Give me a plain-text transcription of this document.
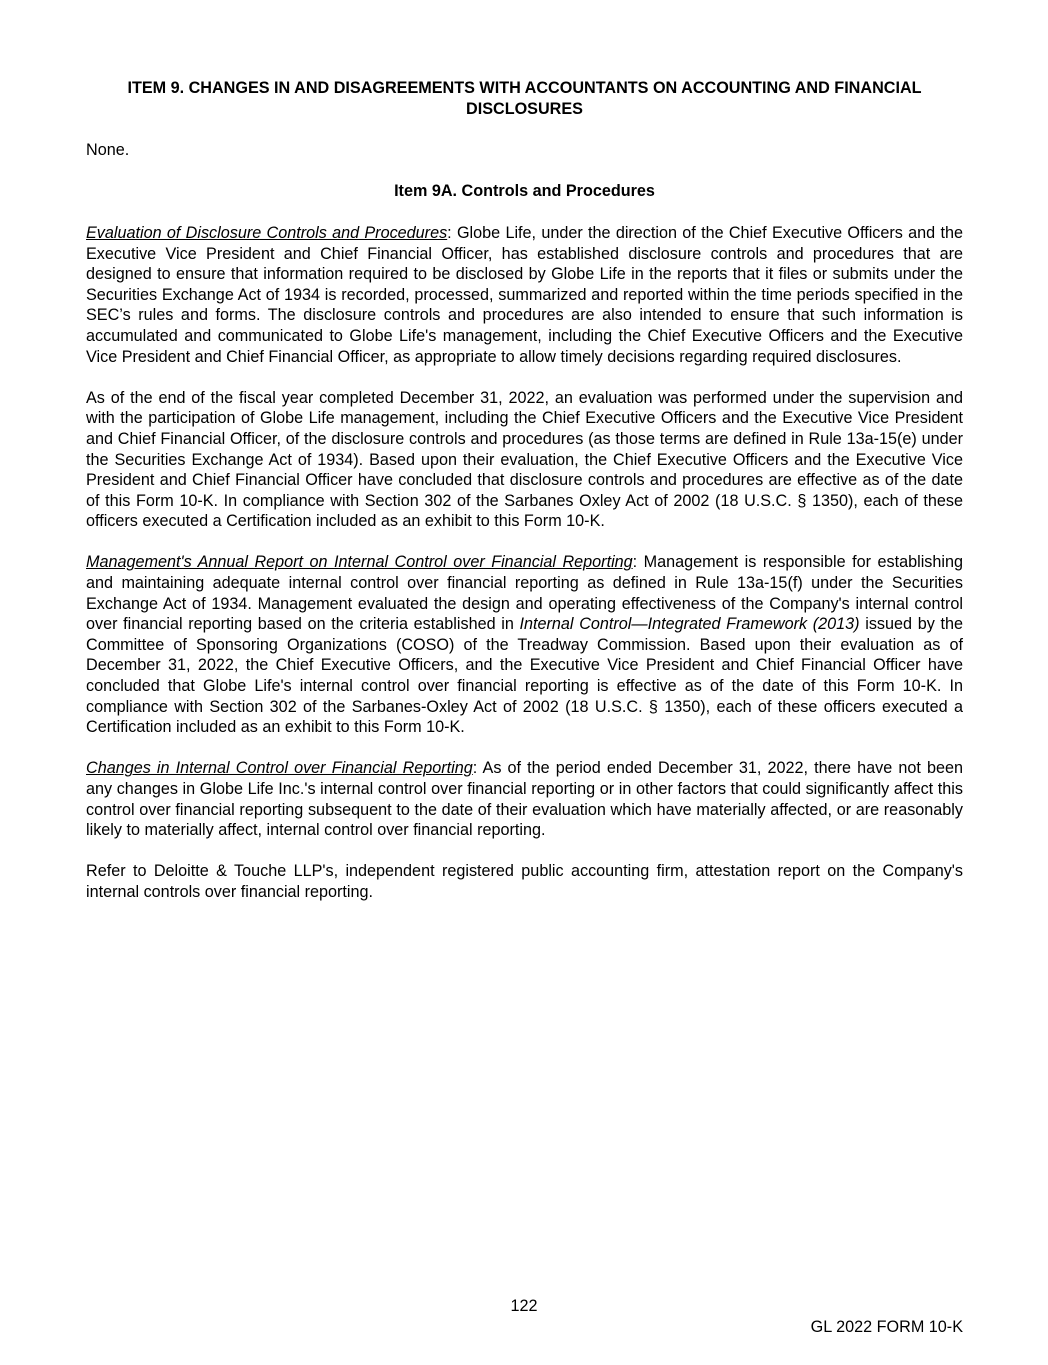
ITEM 9. CHANGES IN AND DISAGREEMENTS WITH ACCOUNTANTS ON ACCOUNTING AND FINANCIAL DISCLOSURES

None.

Item 9A. Controls and Procedures

Evaluation of Disclosure Controls and Procedures: Globe Life, under the direction of the Chief Executive Officers and the Executive Vice President and Chief Financial Officer, has established disclosure controls and procedures that are designed to ensure that information required to be disclosed by Globe Life in the reports that it files or submits under the Securities Exchange Act of 1934 is recorded, processed, summarized and reported within the time periods specified in the SEC’s rules and forms. The disclosure controls and procedures are also intended to ensure that such information is accumulated and communicated to Globe Life's management, including the Chief Executive Officers and the Executive Vice President and Chief Financial Officer, as appropriate to allow timely decisions regarding required disclosures.

As of the end of the fiscal year completed December 31, 2022, an evaluation was performed under the supervision and with the participation of Globe Life management, including the Chief Executive Officers and the Executive Vice President and Chief Financial Officer, of the disclosure controls and procedures (as those terms are defined in Rule 13a-15(e) under the Securities Exchange Act of 1934). Based upon their evaluation, the Chief Executive Officers and the Executive Vice President and Chief Financial Officer have concluded that disclosure controls and procedures are effective as of the date of this Form 10-K. In compliance with Section 302 of the Sarbanes Oxley Act of 2002 (18 U.S.C. § 1350), each of these officers executed a Certification included as an exhibit to this Form 10-K.

Management's Annual Report on Internal Control over Financial Reporting: Management is responsible for establishing and maintaining adequate internal control over financial reporting as defined in Rule 13a-15(f) under the Securities Exchange Act of 1934. Management evaluated the design and operating effectiveness of the Company's internal control over financial reporting based on the criteria established in Internal Control—Integrated Framework (2013) issued by the Committee of Sponsoring Organizations (COSO) of the Treadway Commission. Based upon their evaluation as of December 31, 2022, the Chief Executive Officers, and the Executive Vice President and Chief Financial Officer have concluded that Globe Life's internal control over financial reporting is effective as of the date of this Form 10-K. In compliance with Section 302 of the Sarbanes-Oxley Act of 2002 (18 U.S.C. § 1350), each of these officers executed a Certification included as an exhibit to this Form 10-K.

Changes in Internal Control over Financial Reporting: As of the period ended December 31, 2022, there have not been any changes in Globe Life Inc.'s internal control over financial reporting or in other factors that could significantly affect this control over financial reporting subsequent to the date of their evaluation which have materially affected, or are reasonably likely to materially affect, internal control over financial reporting.

Refer to Deloitte & Touche LLP's, independent registered public accounting firm, attestation report on the Company's internal controls over financial reporting.

122
GL 2022 FORM 10-K
